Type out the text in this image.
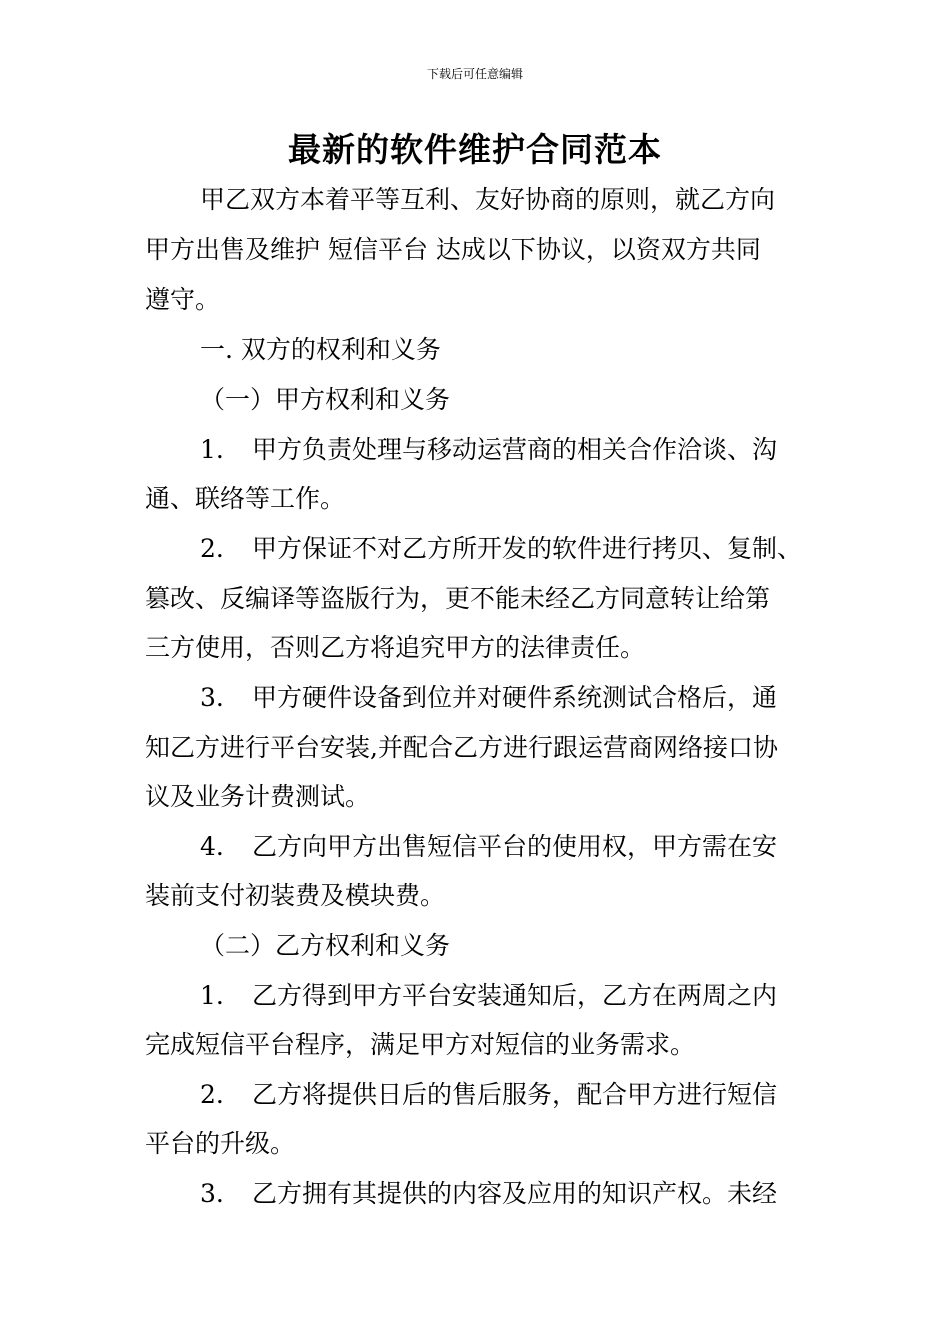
下载后可任意编辑
最新的软件维护合同范本
甲乙双方本着平等互利、友好协商的原则，就乙方向
甲方出售及维护 短信平台 达成以下协议，以资双方共同
遵守。
一. 双方的权利和义务
（一）甲方权利和义务
1. 甲方负责处理与移动运营商的相关合作洽谈、沟
通、联络等工作。
2. 甲方保证不对乙方所开发的软件进行拷贝、复制、
篡改、反编译等盗版行为，更不能未经乙方同意转让给第
三方使用，否则乙方将追究甲方的法律责任。
3. 甲方硬件设备到位并对硬件系统测试合格后，通
知乙方进行平台安装,并配合乙方进行跟运营商网络接口协
议及业务计费测试。
4. 乙方向甲方出售短信平台的使用权，甲方需在安
装前支付初装费及模块费。
（二）乙方权利和义务
1. 乙方得到甲方平台安装通知后，乙方在两周之内
完成短信平台程序，满足甲方对短信的业务需求。
2. 乙方将提供日后的售后服务，配合甲方进行短信
平台的升级。
3. 乙方拥有其提供的内容及应用的知识产权。未经
